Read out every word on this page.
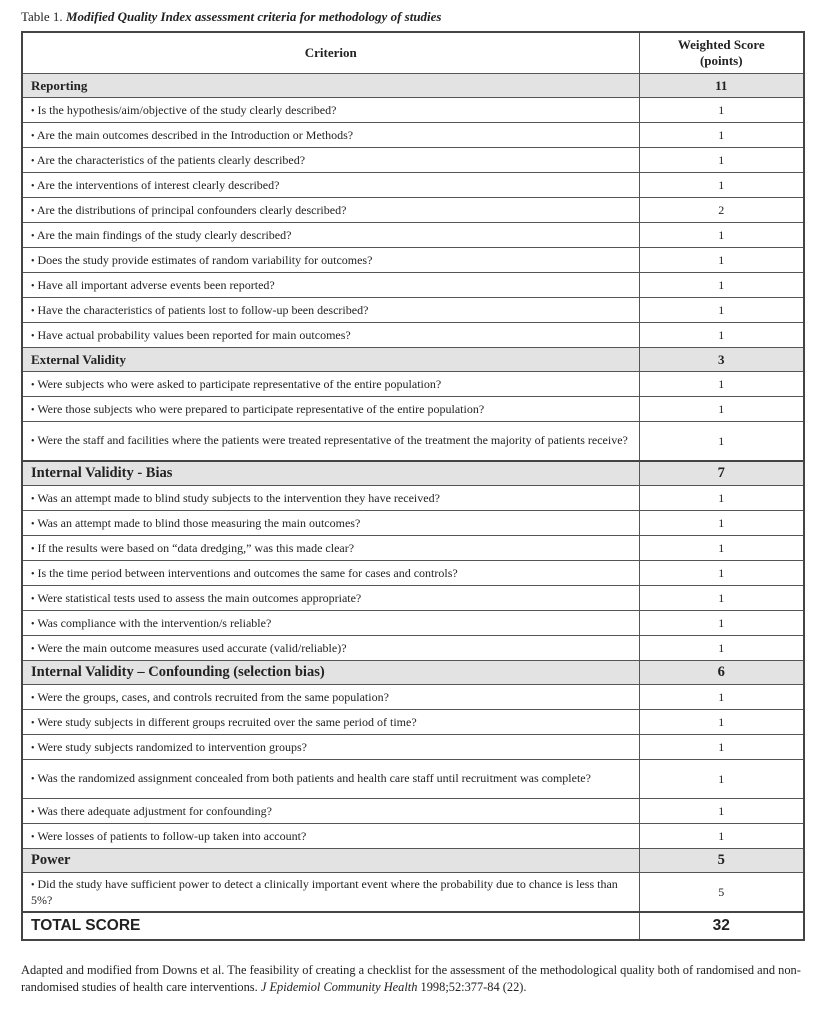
Table 1. Modified Quality Index assessment criteria for methodology of studies
Criterion	Weighted Score
(points)
Reporting	11
• Is the hypothesis/aim/objective of the study clearly described?	1
• Are the main outcomes described in the Introduction or Methods?	1
• Are the characteristics of the patients clearly described?	1
• Are the interventions of interest clearly described?	1
• Are the distributions of principal confounders clearly described?	2
• Are the main findings of the study clearly described?	1
• Does the study provide estimates of random variability for outcomes?	1
• Have all important adverse events been reported?	1
• Have the characteristics of patients lost to follow-up been described?	1
• Have actual probability values been reported for main outcomes?	1
External Validity	3
• Were subjects who were asked to participate representative of the entire population?	1
• Were those subjects who were prepared to participate representative of the entire population?	1
• Were the staff and facilities where the patients were treated representative of the treatment the majority of patients receive?	1
Internal Validity - Bias	7
• Was an attempt made to blind study subjects to the intervention they have received?	1
• Was an attempt made to blind those measuring the main outcomes?	1
• If the results were based on “data dredging,” was this made clear?	1
• Is the time period between interventions and outcomes the same for cases and controls?	1
• Were statistical tests used to assess the main outcomes appropriate?	1
• Was compliance with the intervention/s reliable?	1
• Were the main outcome measures used accurate (valid/reliable)?	1
Internal Validity – Confounding (selection bias)	6
• Were the groups, cases, and controls recruited from the same population?	1
• Were study subjects in different groups recruited over the same period of time?	1
• Were study subjects randomized to intervention groups?	1
• Was the randomized assignment concealed from both patients and health care staff until recruitment was complete?	1
• Was there adequate adjustment for confounding?	1
• Were losses of patients to follow-up taken into account?	1
Power	5
• Did the study have sufficient power to detect a clinically important event where the probability due to chance is less than 5%?	5
TOTAL SCORE	32
Adapted and modified from Downs et al. The feasibility of creating a checklist for the assessment of the methodological quality both of randomised and non-randomised studies of health care interventions. J Epidemiol Community Health 1998;52:377-84 (22).
